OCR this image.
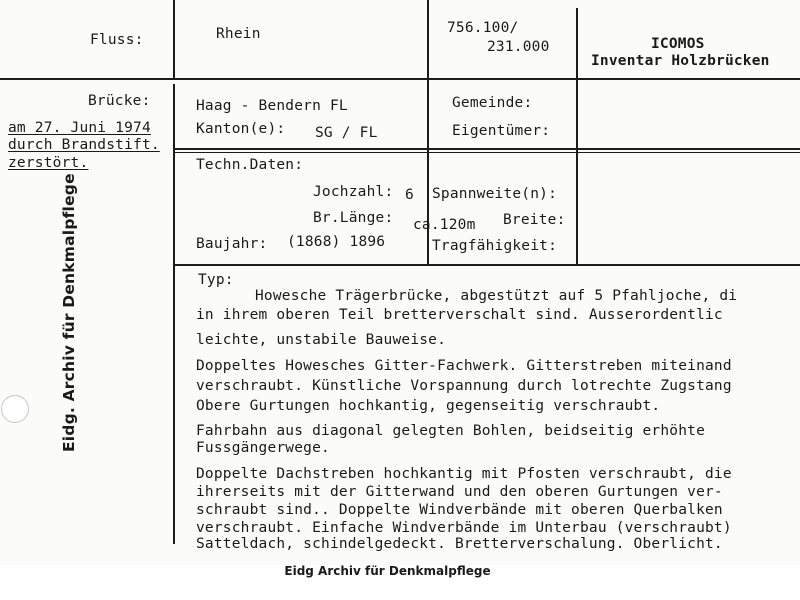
Fluss:	Rhein	756.100/
231.000	ICOMOS
Inventar Holzbrücken
Brücke:
am 27. Juni 1974
durch Brandstift.
zerstört.
Haag - Bendern FL
Kanton(e): SG / FL
Gemeinde:
Eigentümer:
Techn.Daten:
Jochzahl: 6
Br.Länge: ca.120m
Baujahr: (1868) 1896
Spannweite(n):
Breite:
Tragfähigkeit:
Typ:
Howesche Trägerbrücke, abgestützt auf 5 Pfahljoche, di
in ihrem oberen Teil bretterverschalt sind. Ausserordentlic
leichte, unstabile Bauweise.
Doppeltes Howesches Gitter-Fachwerk. Gitterstreben miteinand
verschraubt. Künstliche Vorspannung durch lotrechte Zugstang
Obere Gurtungen hochkantig, gegenseitig verschraubt.
Fahrbahn aus diagonal gelegten Bohlen, beidseitig erhöhte
Fussgängerwege.
Doppelte Dachstreben hochkantig mit Pfosten verschraubt, die
ihrerseits mit der Gitterwand und den oberen Gurtungen ver-
schraubt sind.. Doppelte Windverbände mit oberen Querbalken
verschraubt. Einfache Windverbände im Unterbau (verschraubt)
Satteldach, schindelgedeckt. Bretterverschalung. Oberlicht.
Eidg. Archiv für Denkmalpflege
Eidg Archiv für Denkmalpflege
